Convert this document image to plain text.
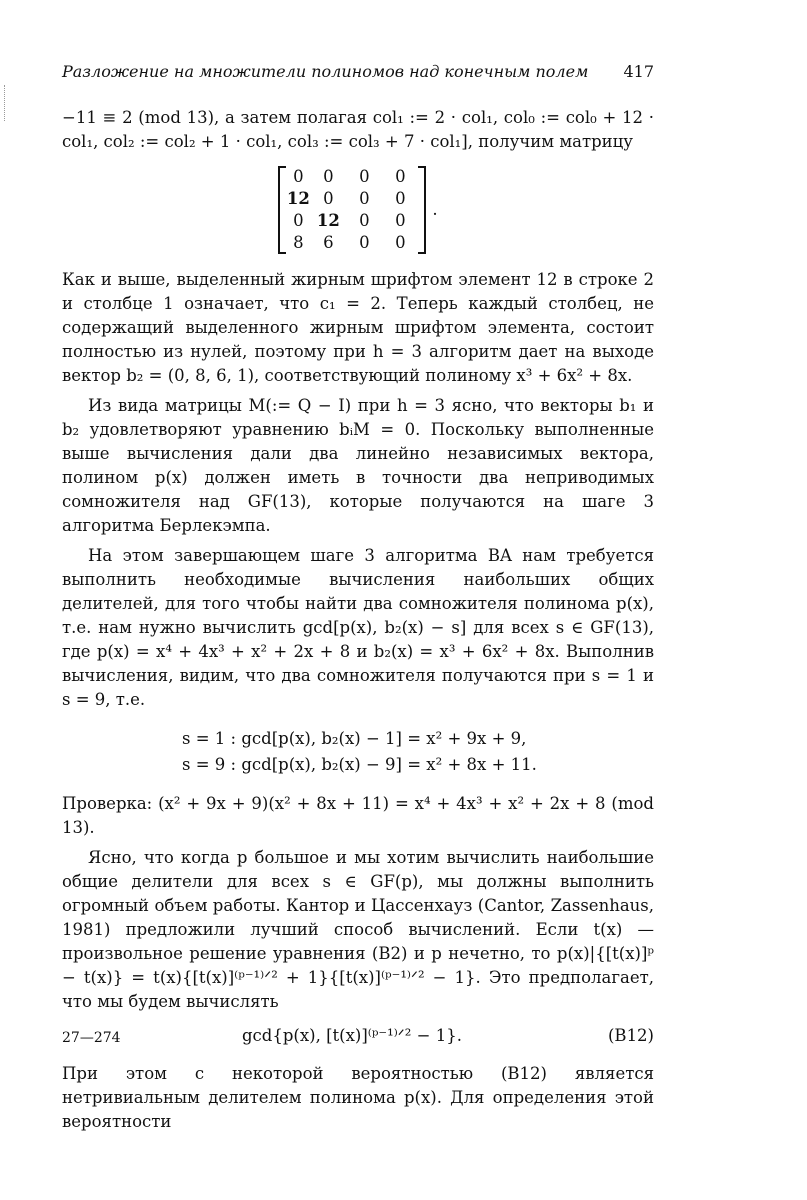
Разложение на множители полиномов над конечным полем 417

−11 ≡ 2 (mod 13), а затем полагая col₁ := 2 · col₁, col₀ := col₀ + 12 · col₁, col₂ := col₂ + 1 · col₁, col₃ := col₃ + 7 · col₁], получим матрицу

0	0	0	0
12	0	0	0
0	12	0	0
8	6	0	0
.

Как и выше, выделенный жирным шрифтом элемент 12 в строке 2 и столбце 1 означает, что c₁ = 2. Теперь каждый столбец, не содержащий выделенного жирным шрифтом элемента, состоит полностью из нулей, поэтому при h = 3 алгоритм дает на выходе вектор b₂ = (0, 8, 6, 1), соответствующий полиному x³ + 6x² + 8x.

Из вида матрицы M(:= Q − I) при h = 3 ясно, что векторы b₁ и b₂ удовлетворяют уравнению bᵢM = 0. Поскольку выполненные выше вычисления дали два линейно независимых вектора, полином p(x) должен иметь в точности два неприводимых сомножителя над GF(13), которые получаются на шаге 3 алгоритма Берлекэмпа.

На этом завершающем шаге 3 алгоритма BA нам требуется выполнить необходимые вычисления наибольших общих делителей, для того чтобы найти два сомножителя полинома p(x), т.е. нам нужно вычислить gcd[p(x), b₂(x) − s] для всех s ∈ GF(13), где p(x) = x⁴ + 4x³ + x² + 2x + 8 и b₂(x) = x³ + 6x² + 8x. Выполнив вычисления, видим, что два сомножителя получаются при s = 1 и s = 9, т.е.

s = 1 : gcd[p(x), b₂(x) − 1] = x² + 9x + 9,
s = 9 : gcd[p(x), b₂(x) − 9] = x² + 8x + 11.

Проверка: (x² + 9x + 9)(x² + 8x + 11) = x⁴ + 4x³ + x² + 2x + 8 (mod 13).

Ясно, что когда p большое и мы хотим вычислить наибольшие общие делители для всех s ∈ GF(p), мы должны выполнить огромный объем работы. Кантор и Цассенхауз (Cantor, Zassenhaus, 1981) предложили лучший способ вычислений. Если t(x) — произвольное решение уравнения (B2) и p нечетно, то p(x)|{[t(x)]ᵖ − t(x)} = t(x){[t(x)]⁽ᵖ⁻¹⁾ᐟ² + 1}{[t(x)]⁽ᵖ⁻¹⁾ᐟ² − 1}. Это предполагает, что мы будем вычислять

gcd{p(x), [t(x)]⁽ᵖ⁻¹⁾ᐟ² − 1}.	(B12)

При этом с некоторой вероятностью (B12) является нетривиальным делителем полинома p(x). Для определения этой вероятности

27—274
